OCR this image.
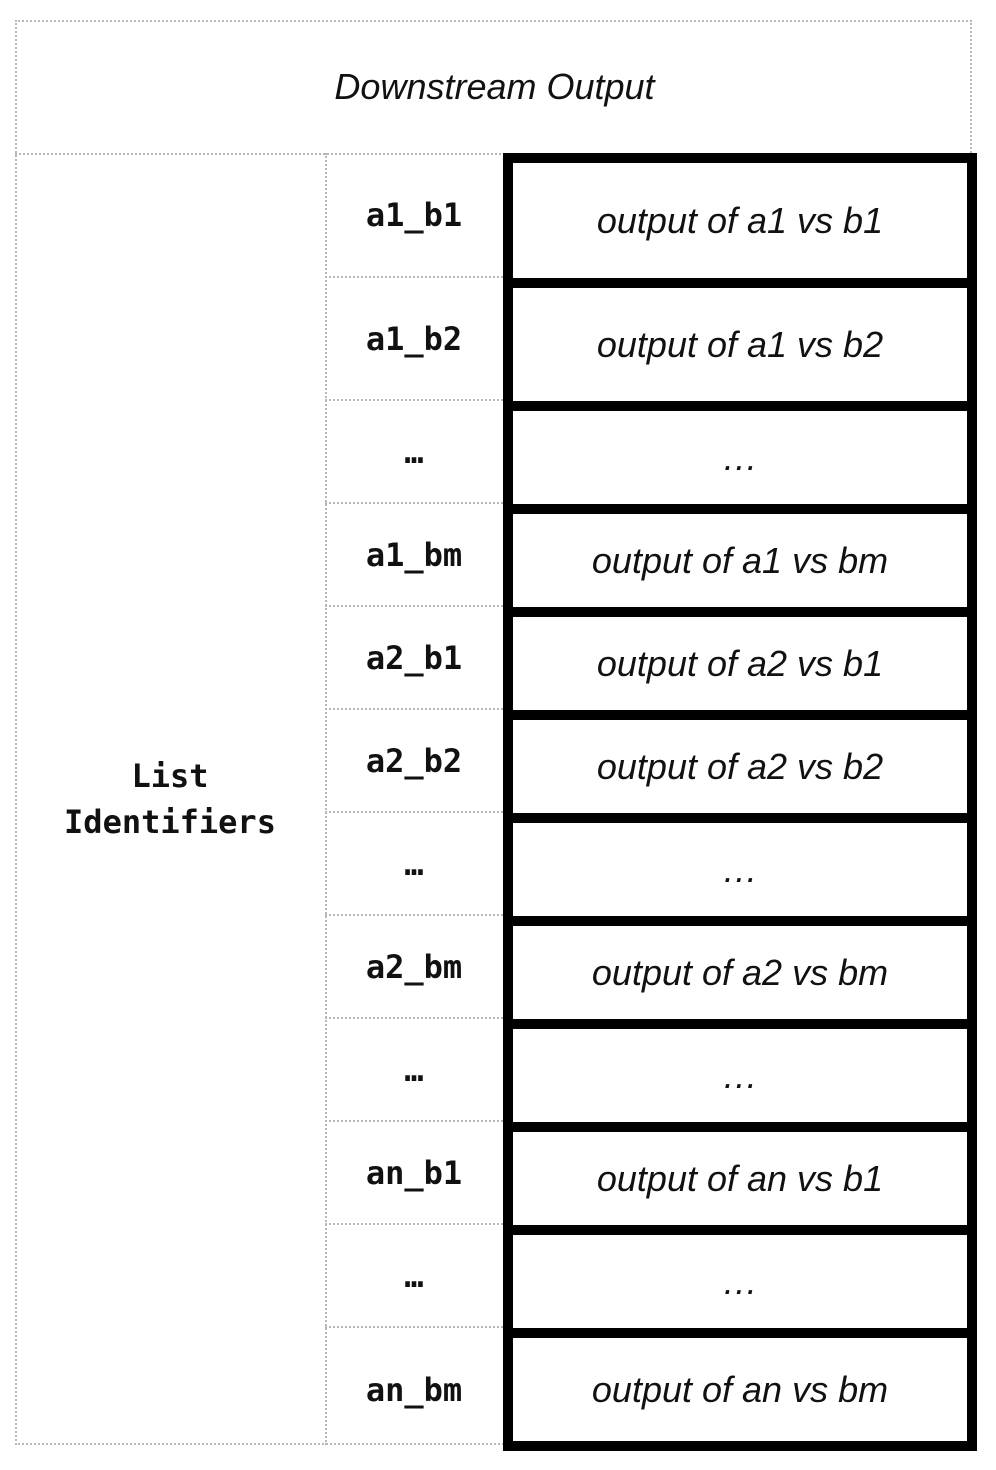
Downstream Output
List
Identifiers
a1_b1	output of a1 vs b1
a1_b2	output of a1 vs b2
…	…
a1_bm	output of a1 vs bm
a2_b1	output of a2 vs b1
a2_b2	output of a2 vs b2
…	…
a2_bm	output of a2 vs bm
…	…
an_b1	output of an vs b1
…	…
an_bm	output of an vs bm
